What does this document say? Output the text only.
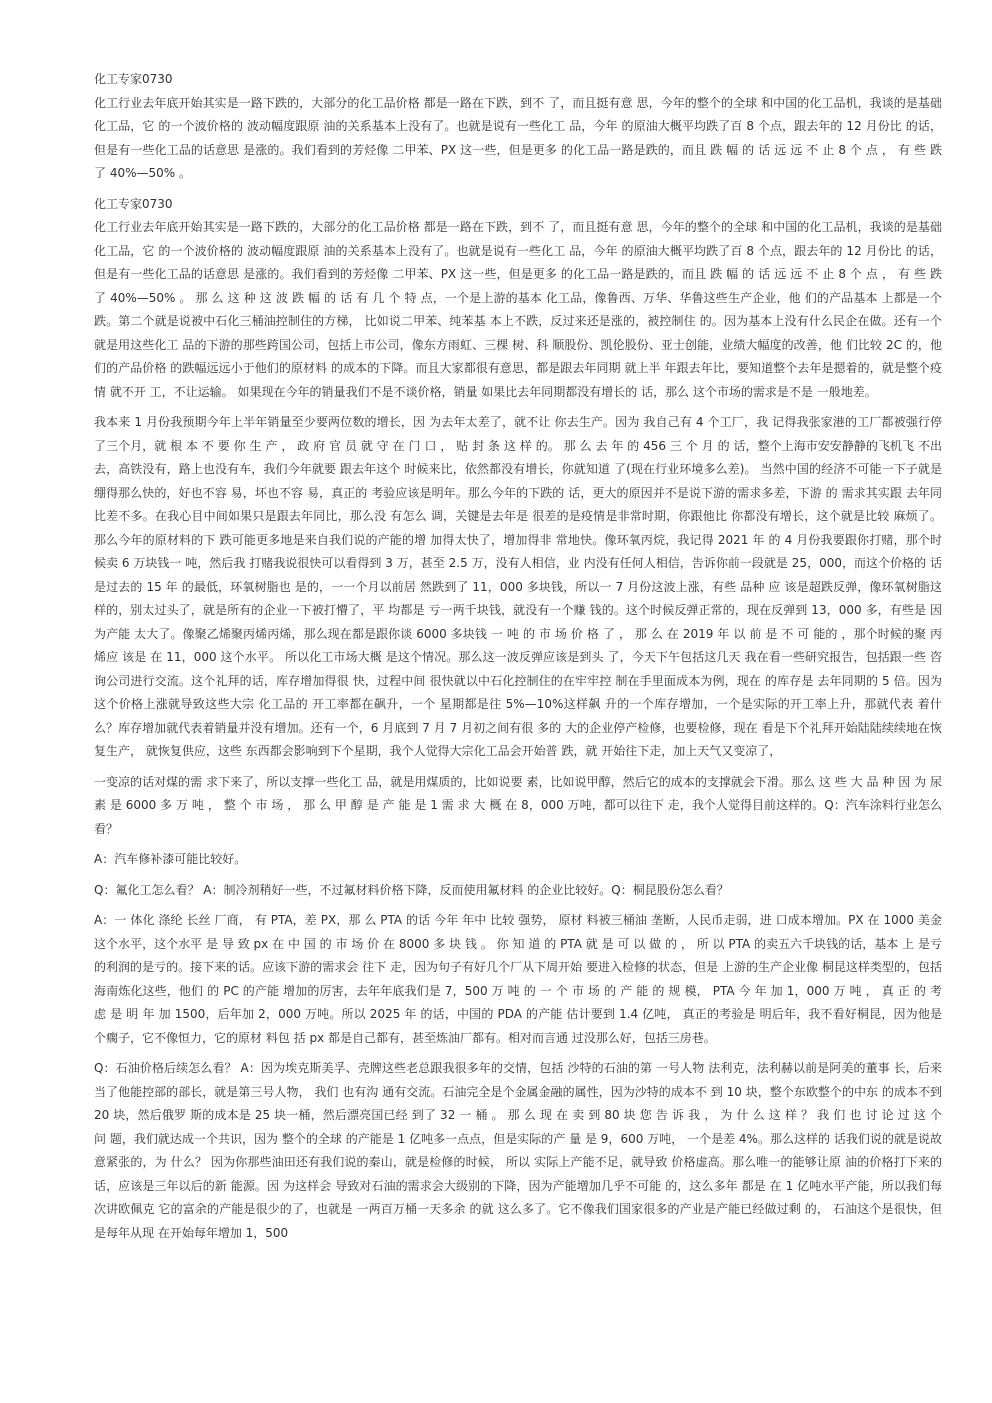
化工专家0730
化工行业去年底开始其实是一路下跌的，大部分的化工品价格 都是一路在下跌，到不 了，而且挺有意 思，今年的整个的全球 和中国的化工品机，我谈的是基础化工品，它 的一个波价格的 波动幅度跟原 油的关系基本上没有了。也就是说有一些化工 品，今年 的原油大概平均跌了百 8 个点，跟去年的 12 月份比 的话，但是有一些化工品的话意思 是涨的。我们看到的芳烃像 二甲苯、PX 这一些，但是更多 的化工品一路是跌的，而且 跌 幅 的 话 远 远 不 止 8 个 点 ， 有 些 跌 了 40%—50% 。
化工专家0730
化工行业去年底开始其实是一路下跌的，大部分的化工品价格 都是一路在下跌，到不 了，而且挺有意 思，今年的整个的全球 和中国的化工品机，我谈的是基础化工品，它 的一个波价格的 波动幅度跟原 油的关系基本上没有了。也就是说有一些化工 品，今年 的原油大概平均跌了百 8 个点，跟去年的 12 月份比 的话，但是有一些化工品的话意思 是涨的。我们看到的芳烃像 二甲苯、PX 这一些，但是更多 的化工品一路是跌的，而且 跌 幅 的 话 远 远 不 止 8 个 点 ， 有 些 跌 了 40%—50% 。 那 么 这 种 这 波 跌 幅 的 话 有 几 个 特 点，一个是上游的基本 化工品，像鲁西、万华、华鲁这些生产企业，他 们的产品基本 上都是一个跌。第二个就是说被中石化三桶油控制住的方梯， 比如说二甲苯、纯苯基 本上不跌，反过来还是涨的，被控制住 的。因为基本上没有什么民企在做。还有一个 就是用这些化工 品的下游的那些跨国公司，包括上市公司，像东方雨虹、三棵 树、科 顺股份、凯伦股份、亚士创能，业绩大幅度的改善，他 们比较 2C 的，他们的产品价格 的跌幅远远小于他们的原材料 的成本的下降。而且大家都很有意思，都是跟去年同期 就上半 年跟去年比，要知道整个去年是摁着的，就是整个疫情 就不开 工，不让运输。 如果现在今年的销量我们不是不谈价格，销量 如果比去年同期都没有增长的 话，那么 这个市场的需求是不是 一般地差。
我本来 1 月份我预期今年上半年销量至少要两位数的增长，因 为去年太差了，就不让 你去生产。因为 我自己有 4 个工厂，我 记得我张家港的工厂都被强行停了三个月，就 根 本 不 要 你 生 产 ， 政 府 官 员 就 守 在 门 口 ， 贴 封 条 这 样 的。 那 么 去 年 的 456 三 个 月 的 话，整个上海市安安静静的飞机飞 不出去，高铁没有，路上也没有车，我们今年就要 跟去年这个 时候来比，依然都没有增长，你就知道 了(现在行业环境多么差)。 当然中国的经济不可能一下子就是绷得那么快的，好也不容 易，坏也不容 易，真正的 考验应该是明年。那么今年的下跌的 话，更大的原因并不是说下游的需求多差，下游 的 需求其实跟 去年同比差不多。在我心目中间如果只是跟去年同比，那么没 有怎么 调，关键是去年是 很差的是疫情是非常时期，你跟他比 你都没有增长，这个就是比较 麻烦了。 那么今年的原材料的下 跌可能更多地是来自我们说的产能的增 加得太快了，增加得非 常地快。像环氧丙烷，我记得 2021 年 的 4 月份我要跟你打赌，那个时候卖 6 万块钱一 吨，然后我 打赌我说很快可以看得到 3 万，甚至 2.5 万，没有人相信，业 内没有任何人相信，告诉你前一段就是 25，000，而这个价格的 话是过去的 15 年 的最低，环氧树脂也 是的，一一个月以前居 然跌到了 11，000 多块钱，所以一 7 月份这波上涨，有些 品种 应 该是超跌反弹，像环氧树脂这样的，别太过头了，就是所有的企业一下被打懵了，平 均都是 亏一两千块钱，就没有一个赚 钱的。这个时候反弹正常的，现在反弹到 13，000 多，有些是 因为产能 太大了。像聚乙烯聚丙烯丙烯，那么现在都是跟你谈 6000 多块钱 一 吨 的 市 场 价 格 了 ， 那 么 在 2019 年 以 前 是 不 可 能的 ，那个时候的聚 丙 烯应 该是 在 11，000 这个水平。 所以化工市场大概 是这个情况。那么这一波反弹应该是到头 了，今天下午包括这几天 我在看一些研究报告，包括跟一些 咨 询公司进行交流。这个礼拜的话，库存增加得很 快，过程中间 很快就以中石化控制住的在牢牢控 制在手里面成本为例，现在 的库存是 去年同期的 5 倍。因为这个价格上涨就导致这些大宗 化工品的 开工率都在飙升，一个 星期都是往 5%—10%这样飙 升的一个库存增加，一个是实际的开工率上升，那就代表 着什 么？库存增加就代表着销量并没有增加。还有一个，6 月底到 7 月 7 月初之间有很 多的 大的企业停产检修，也要检修，现在 看是下个礼拜开始陆陆续续地在恢复生产， 就恢复供应，这些 东西都会影响到下个星期，我个人觉得大宗化工品会开始普 跌，就 开始往下走，加上天气又变凉了，
一变凉的话对煤的需 求下来了，所以支撑一些化工 品，就是用煤质的，比如说要 素，比如说甲醇，然后它的成本的支撑就会下滑。那么 这 些 大 品 种 因 为 尿 素 是 6000 多 万 吨 ， 整 个 市 场 ， 那 么 甲 醇 是 产 能 是 1 需 求 大 概 在 8，000 万吨，都可以往下 走，我个人觉得目前这样的。Q：汽车涂料行业怎么看？
A：汽车修补漆可能比较好。
Q：氟化工怎么看？ A：制冷剂稍好一些，不过氟材料价格下降，反而使用氟材料 的企业比较好。Q：桐昆股份怎么看？
A：一 体化 涤纶 长丝 厂商， 有 PTA，差 PX，那 么 PTA 的话 今年 年中 比较 强势， 原材 料被三桶油 垄断，人民币走弱，进 口成本增加。PX 在 1000 美金这个水平，这个水平 是 导 致 px 在 中 国 的 市 场 价 在 8000 多 块 钱 。 你 知 道 的 PTA 就 是 可 以 做 的 ， 所 以 PTA 的卖五六千块钱的话，基本 上 是亏的利润的是亏的。接下来的话。应该下游的需求会 往下 走，因为句子有好几个厂从下周开始 要进入检修的状态，但是 上游的生产企业像 桐昆这样类型的，包括海南炼化这些，他们 的 PC 的产能 增加的厉害，去年年底我们是 7，500 万 吨 的 一 个 市 场 的 产 能 的 规 模， PTA 今 年 加 1，000 万 吨 ， 真 正 的 考 虑 是 明 年 加 1500，后年加 2，000 万吨。所以 2025 年 的话，中国的 PDA 的产能 估计要到 1.4 亿吨， 真正的考验是 明后年，我不看好桐昆，因为他是个瘸子，它不像恒力，它的原材 料包 括 px 都是自己都有，甚至炼油厂都有。相对而言通 过没那么好，包括三房巷。
Q：石油价格后续怎么看？ A：因为埃克斯美孚、壳牌这些老总跟我很多年的交情，包括 沙特的石油的第 一号人物 法利克，法利赫以前是阿美的董事 长，后来当了他能控部的部长，就是第三号人物， 我们 也有沟 通有交流。石油完全是个金属金融的属性，因为沙特的成本不 到 10 块，整个东欧整个的中东 的成本不到 20 块，然后俄罗 斯的成本是 25 块一桶，然后漂亮国已经 到了 32 一 桶 。 那 么 现 在 卖 到 80 块 您 告 诉 我 ， 为 什 么 这 样 ？ 我 们 也 讨 论 过 这 个 问 题，我们就达成一个共识，因为 整个的全球 的产能是 1 亿吨多一点点，但是实际的产 量 是 9，600 万吨， 一个是差 4%。那么这样的 话我们说的就是说故意紧张的，为 什么？ 因为你那些油田还有我们说的秦山，就是检修的时候， 所以 实际上产能不足，就导致 价格虚高。那么唯一的能够让原 油的价格打下来的话，应该是三年以后的新 能源。因 为这样会 导致对石油的需求会大级别的下降，因为产能增加几乎不可能 的，这么多年 都是 在 1 亿吨水平产能，所以我们每次讲欧佩克 它的富余的产能是很少的了，也就是 一两百万桶一天多余 的就 这么多了。它不像我们国家很多的产业是产能已经做过剩 的， 石油这个是很快，但是每年从现 在开始每年增加 1，500
